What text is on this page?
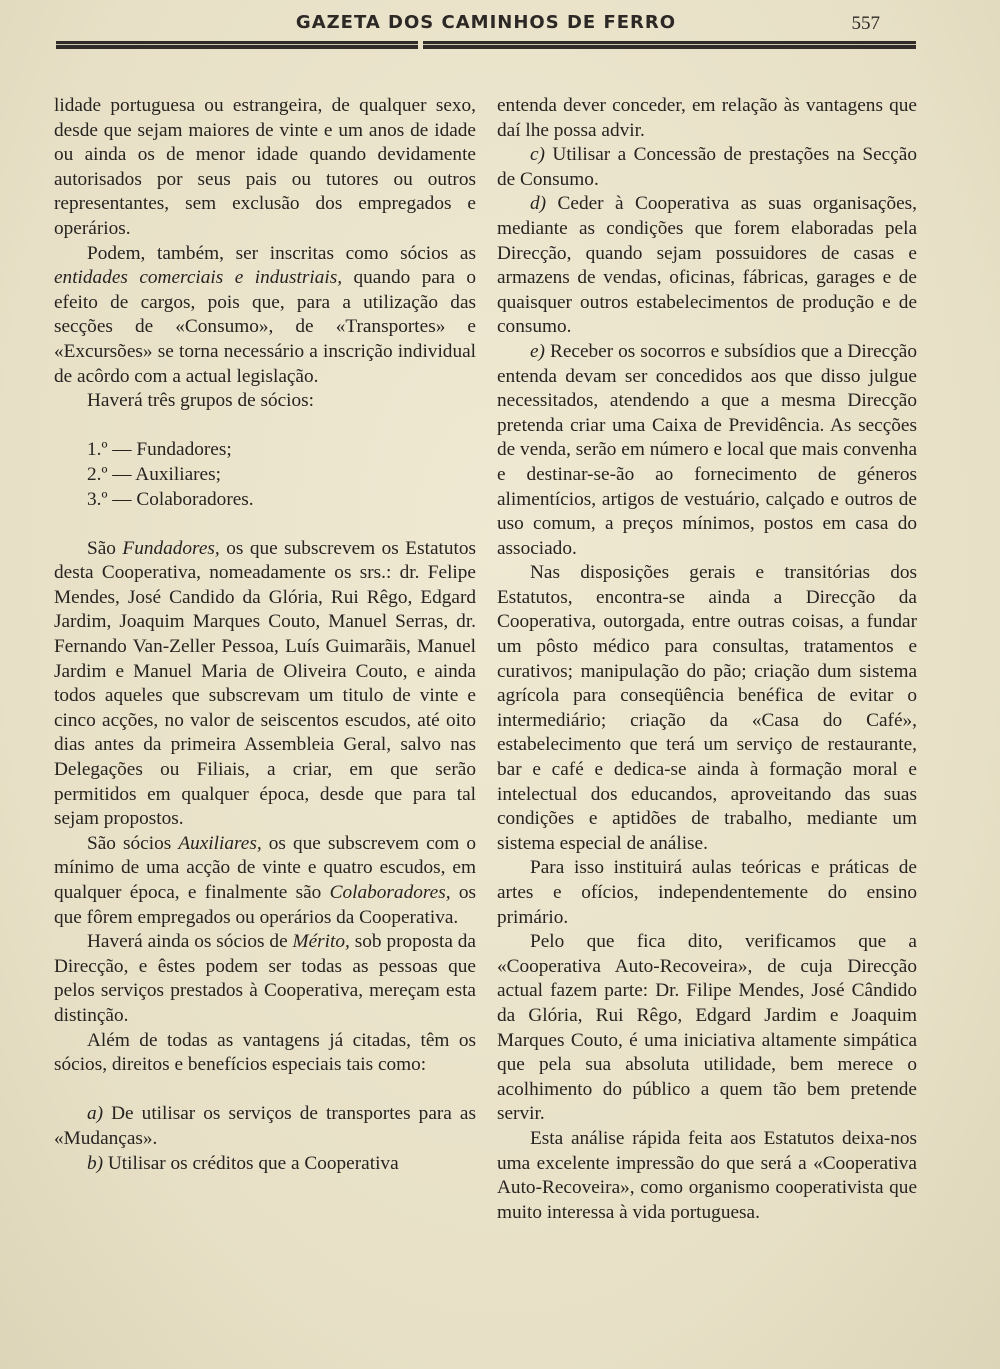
GAZETA DOS CAMINHOS DE FERRO	557

lidade portuguesa ou estrangeira, de qualquer sexo, desde que sejam maiores de vinte e um anos de idade ou ainda os de menor idade quando devidamente autorisados por seus pais ou tutores ou outros representantes, sem exclusão dos empregados e operários.

Podem, também, ser inscritas como sócios as entidades comerciais e industriais, quando para o efeito de cargos, pois que, para a utilização das secções de «Consumo», de «Transportes» e «Excursões» se torna necessário a inscrição individual de acôrdo com a actual legislação.

Haverá três grupos de sócios:

1.º — Fundadores;

2.º — Auxiliares;

3.º — Colaboradores.

São Fundadores, os que subscrevem os Estatutos desta Cooperativa, nomeadamente os srs.: dr. Felipe Mendes, José Candido da Glória, Rui Rêgo, Edgard Jardim, Joaquim Marques Couto, Manuel Serras, dr. Fernando Van-Zeller Pessoa, Luís Guimarãis, Manuel Jardim e Manuel Maria de Oliveira Couto, e ainda todos aqueles que subscrevam um titulo de vinte e cinco acções, no valor de seiscentos escudos, até oito dias antes da primeira Assembleia Geral, salvo nas Delegações ou Filiais, a criar, em que serão permitidos em qualquer época, desde que para tal sejam propostos.

São sócios Auxiliares, os que subscrevem com o mínimo de uma acção de vinte e quatro escudos, em qualquer época, e finalmente são Colaboradores, os que fôrem empregados ou operários da Cooperativa.

Haverá ainda os sócios de Mérito, sob proposta da Direcção, e êstes podem ser todas as pessoas que pelos serviços prestados à Cooperativa, mereçam esta distinção.

Além de todas as vantagens já citadas, têm os sócios, direitos e benefícios especiais tais como:

a) De utilisar os serviços de transportes para as «Mudanças».

b) Utilisar os créditos que a Cooperativa

entenda dever conceder, em relação às vantagens que daí lhe possa advir.

c) Utilisar a Concessão de prestações na Secção de Consumo.

d) Ceder à Cooperativa as suas organisações, mediante as condições que forem elaboradas pela Direcção, quando sejam possuidores de casas e armazens de vendas, oficinas, fábricas, garages e de quaisquer outros estabelecimentos de produção e de consumo.

e) Receber os socorros e subsídios que a Direcção entenda devam ser concedidos aos que disso julgue necessitados, atendendo a que a mesma Direcção pretenda criar uma Caixa de Previdência. As secções de venda, serão em número e local que mais convenha e destinar-se-ão ao fornecimento de géneros alimentícios, artigos de vestuário, calçado e outros de uso comum, a preços mínimos, postos em casa do associado.

Nas disposições gerais e transitórias dos Estatutos, encontra-se ainda a Direcção da Cooperativa, outorgada, entre outras coisas, a fundar um pôsto médico para consultas, tratamentos e curativos; manipulação do pão; criação dum sistema agrícola para conseqüência benéfica de evitar o intermediário; criação da «Casa do Café», estabelecimento que terá um serviço de restaurante, bar e café e dedica-se ainda à formação moral e intelectual dos educandos, aproveitando das suas condições e aptidões de trabalho, mediante um sistema especial de análise.

Para isso instituirá aulas teóricas e práticas de artes e ofícios, independentemente do ensino primário.

Pelo que fica dito, verificamos que a «Cooperativa Auto-Recoveira», de cuja Direcção actual fazem parte: Dr. Filipe Mendes, José Cândido da Glória, Rui Rêgo, Edgard Jardim e Joaquim Marques Couto, é uma iniciativa altamente simpática que pela sua absoluta utilidade, bem merece o acolhimento do público a quem tão bem pretende servir.

Esta análise rápida feita aos Estatutos deixa-nos uma excelente impressão do que será a «Cooperativa Auto-Recoveira», como organismo cooperativista que muito interessa à vida portuguesa.
